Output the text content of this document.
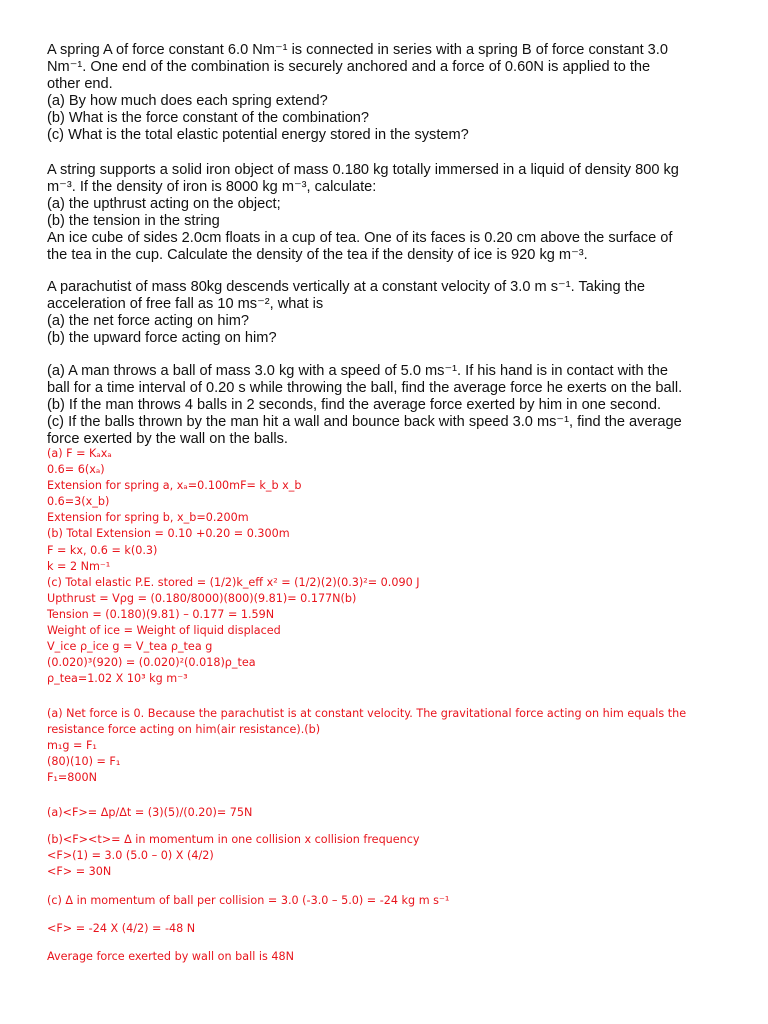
A spring A of force constant 6.0 Nm⁻¹ is connected in series with a spring B of force constant 3.0
Nm⁻¹. One end of the combination is securely anchored and a force of 0.60N is applied to the
other end.
(a) By how much does each spring extend?
(b) What is the force constant of the combination?
(c) What is the total elastic potential energy stored in the system?
A string supports a solid iron object of mass 0.180 kg totally immersed in a liquid of density 800 kg
m⁻³. If the density of iron is 8000 kg m⁻³, calculate:
(a) the upthrust acting on the object;
(b) the tension in the string
An ice cube of sides 2.0cm floats in a cup of tea. One of its faces is 0.20 cm above the surface of
the tea in the cup. Calculate the density of the tea if the density of ice is 920 kg m⁻³.
A parachutist of mass 80kg descends vertically at a constant velocity of 3.0 m s⁻¹. Taking the
acceleration of free fall as 10 ms⁻², what is
(a) the net force acting on him?
(b) the upward force acting on him?
(a) A man throws a ball of mass 3.0 kg with a speed of 5.0 ms⁻¹. If his hand is in contact with the
ball for a time interval of 0.20 s while throwing the ball, find the average force he exerts on the ball.
(b) If the man throws 4 balls in 2 seconds, find the average force exerted by him in one second.
(c) If the balls thrown by the man hit a wall and bounce back with speed 3.0 ms⁻¹, find the average
force exerted by the wall on the balls.
(a) F = Kₐxₐ
0.6= 6(xₐ)
Extension for spring a, xₐ=0.100mF= k_b x_b
0.6=3(x_b)
Extension for spring b, x_b=0.200m
(b) Total Extension = 0.10 +0.20 = 0.300m
F = kx, 0.6 = k(0.3)
k = 2 Nm⁻¹
(c) Total elastic P.E. stored = (1/2)k_eff x² = (1/2)(2)(0.3)²= 0.090 J
Upthrust = Vρg = (0.180/8000)(800)(9.81)= 0.177N(b)
Tension = (0.180)(9.81) – 0.177 = 1.59N
Weight of ice = Weight of liquid displaced
V_ice ρ_ice g = V_tea ρ_tea g
(0.020)³(920) = (0.020)²(0.018)ρ_tea
ρ_tea=1.02 X 10³ kg m⁻³
(a) Net force is 0. Because the parachutist is at constant velocity. The gravitational force acting on him equals the
resistance force acting on him(air resistance).(b)
m₁g = F₁
(80)(10) = F₁
F₁=800N
(a)<F>= Δp/Δt = (3)(5)/(0.20)= 75N
(b)<F><t>= Δ in momentum in one collision x collision frequency
<F>(1) = 3.0 (5.0 – 0) X (4/2)
<F> = 30N
(c) Δ in momentum of ball per collision = 3.0 (-3.0 – 5.0) = -24 kg m s⁻¹
<F> = -24 X (4/2) = -48 N
Average force exerted by wall on ball is 48N
